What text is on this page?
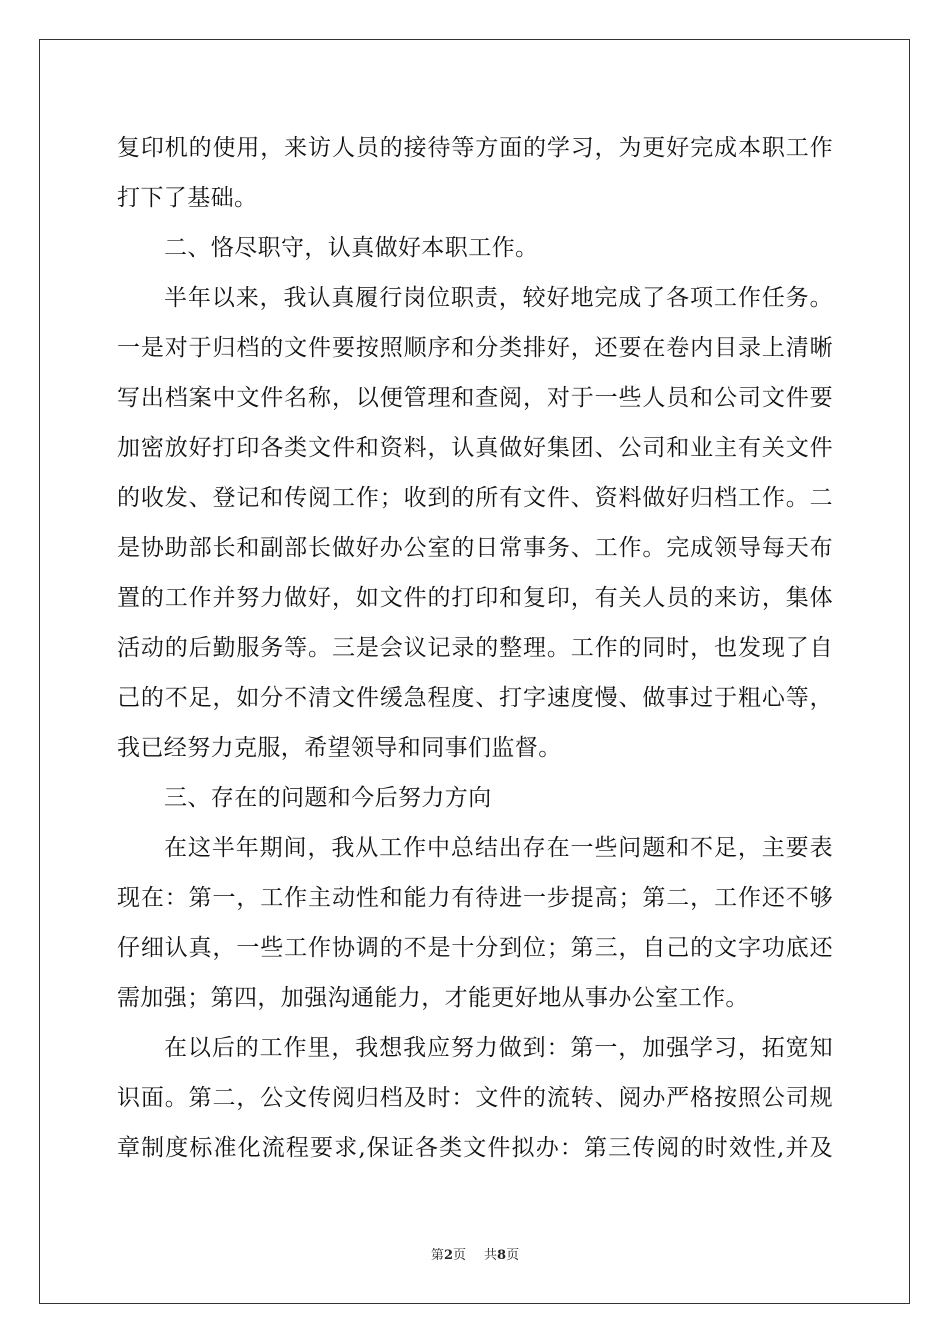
复印机的使用，来访人员的接待等方面的学习，为更好完成本职工作
打下了基础。
二、恪尽职守，认真做好本职工作。
半年以来，我认真履行岗位职责，较好地完成了各项工作任务。
一是对于归档的文件要按照顺序和分类排好，还要在卷内目录上清晰
写出档案中文件名称，以便管理和查阅，对于一些人员和公司文件要
加密放好打印各类文件和资料，认真做好集团、公司和业主有关文件
的收发、登记和传阅工作；收到的所有文件、资料做好归档工作。二
是协助部长和副部长做好办公室的日常事务、工作。完成领导每天布
置的工作并努力做好，如文件的打印和复印，有关人员的来访，集体
活动的后勤服务等。三是会议记录的整理。工作的同时，也发现了自
己的不足，如分不清文件缓急程度、打字速度慢、做事过于粗心等，
我已经努力克服，希望领导和同事们监督。
三、存在的问题和今后努力方向
在这半年期间，我从工作中总结出存在一些问题和不足，主要表
现在：第一，工作主动性和能力有待进一步提高；第二，工作还不够
仔细认真，一些工作协调的不是十分到位；第三，自己的文字功底还
需加强；第四，加强沟通能力，才能更好地从事办公室工作。
在以后的工作里，我想我应努力做到：第一，加强学习，拓宽知
识面。第二，公文传阅归档及时：文件的流转、阅办严格按照公司规
章制度标准化流程要求,保证各类文件拟办：第三传阅的时效性,并及
第2页 共8页
